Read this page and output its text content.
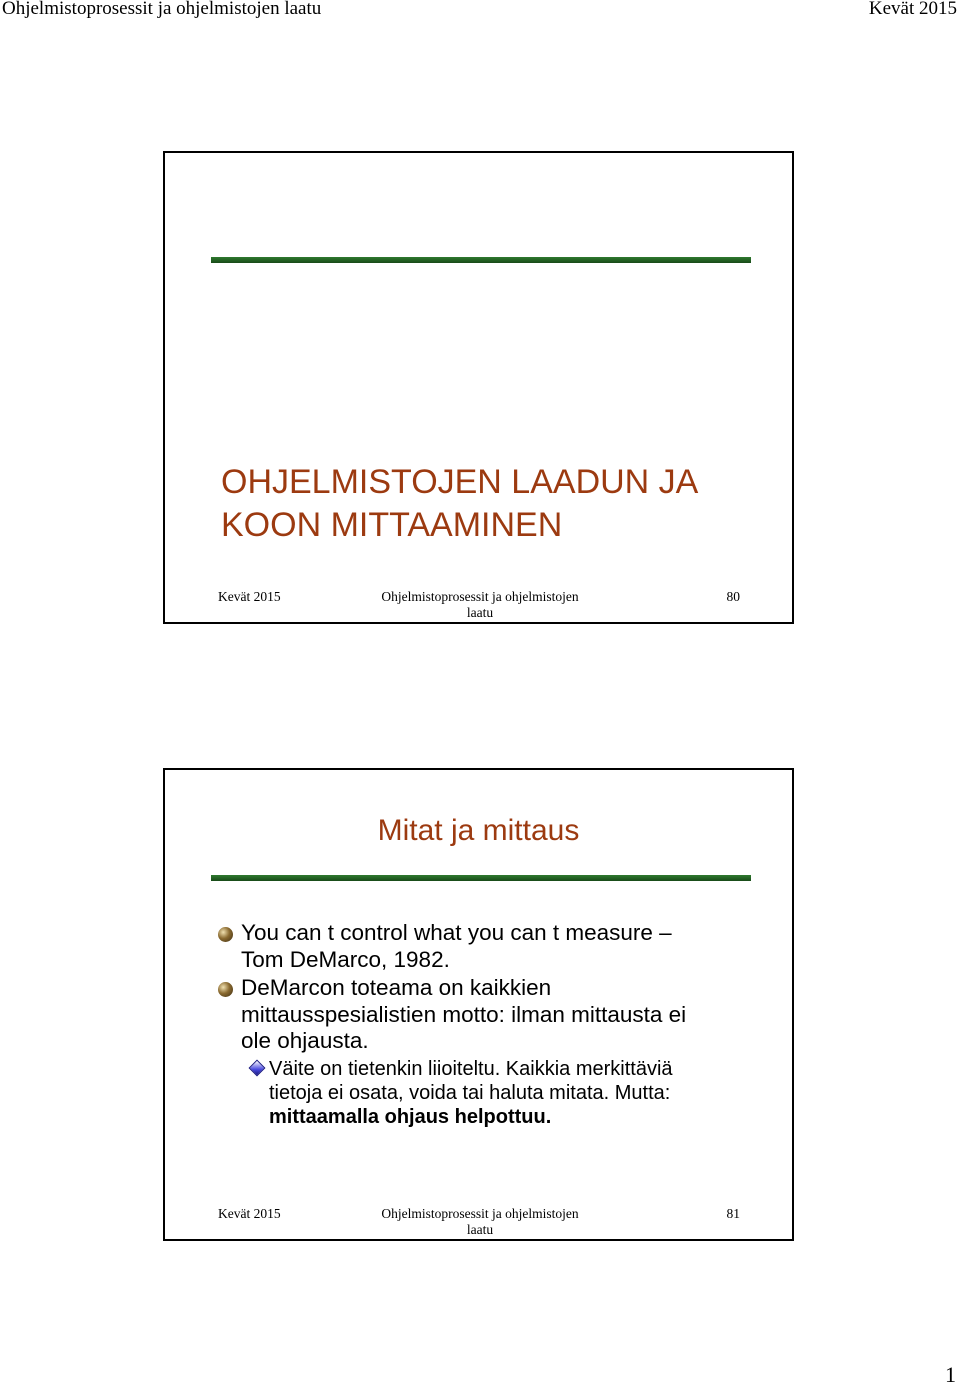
Ohjelmistoprosessit ja ohjelmistojen laatu	Kevät 2015
OHJELMISTOJEN LAADUN JA
KOON MITTAAMINEN
Kevät 2015	Ohjelmistoprosessit ja ohjelmistojen
laatu
80
Mitat ja mittaus
You can t control what you can t measure –
Tom DeMarco, 1982.
DeMarcon toteama on kaikkien
mittausspesialistien motto: ilman mittausta ei
ole ohjausta.
Väite on tietenkin liioiteltu. Kaikkia merkittäviä
tietoja ei osata, voida tai haluta mitata. Mutta:
mittaamalla ohjaus helpottuu.
Kevät 2015	Ohjelmistoprosessit ja ohjelmistojen
laatu
81
1
